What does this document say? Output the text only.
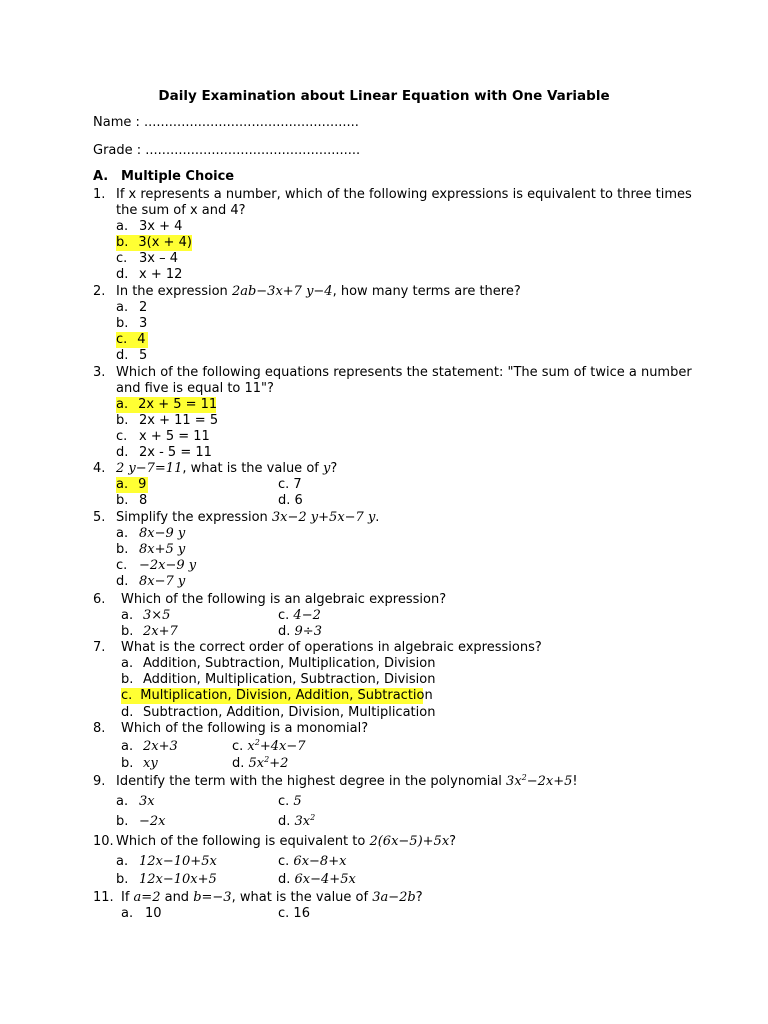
Daily Examination about Linear Equation with One Variable
Name : ....................................................
Grade : ....................................................
A. Multiple Choice
1. If x represents a number, which of the following expressions is equivalent to three times
the sum of x and 4?
a. 3x + 4
b. 3(x + 4)
c. 3x – 4
d. x + 12
2. In the expression 2ab−3x+7 y−4, how many terms are there?
a. 2
b. 3
c. 4
d. 5
3. Which of the following equations represents the statement: "The sum of twice a number
and five is equal to 11"?
a. 2x + 5 = 11
b. 2x + 11 = 5
c. x + 5 = 11
d. 2x - 5 = 11
4. 2 y−7=11, what is the value of y?
a. 9	c. 7
b. 8	d. 6
5. Simplify the expression 3x−2 y+5x−7 y.
a. 8x−9 y
b. 8x+5 y
c. −2x−9 y
d. 8x−7 y
6. Which of the following is an algebraic expression?
a. 3×5	c. 4−2
b. 2x+7	d. 9÷3
7. What is the correct order of operations in algebraic expressions?
a. Addition, Subtraction, Multiplication, Division
b. Addition, Multiplication, Subtraction, Division
c. Multiplication, Division, Addition, Subtraction
d. Subtraction, Addition, Division, Multiplication
8. Which of the following is a monomial?
a. 2x+3	c. $x^2+4x-7$
b. xy	d. $5x^2+2$
9. Identify the term with the highest degree in the polynomial $3x^2-2x+5$!
a. 3x	c. 5
b. −2x	d. $3x^2$
10. Which of the following is equivalent to 2(6x−5)+5x?
a. 12x−10+5x	c. 6x−8+x
b. 12x−10x+5	d. 6x−4+5x
11. If a=2 and b=−3, what is the value of 3a−2b?
a. 10	c. 16
